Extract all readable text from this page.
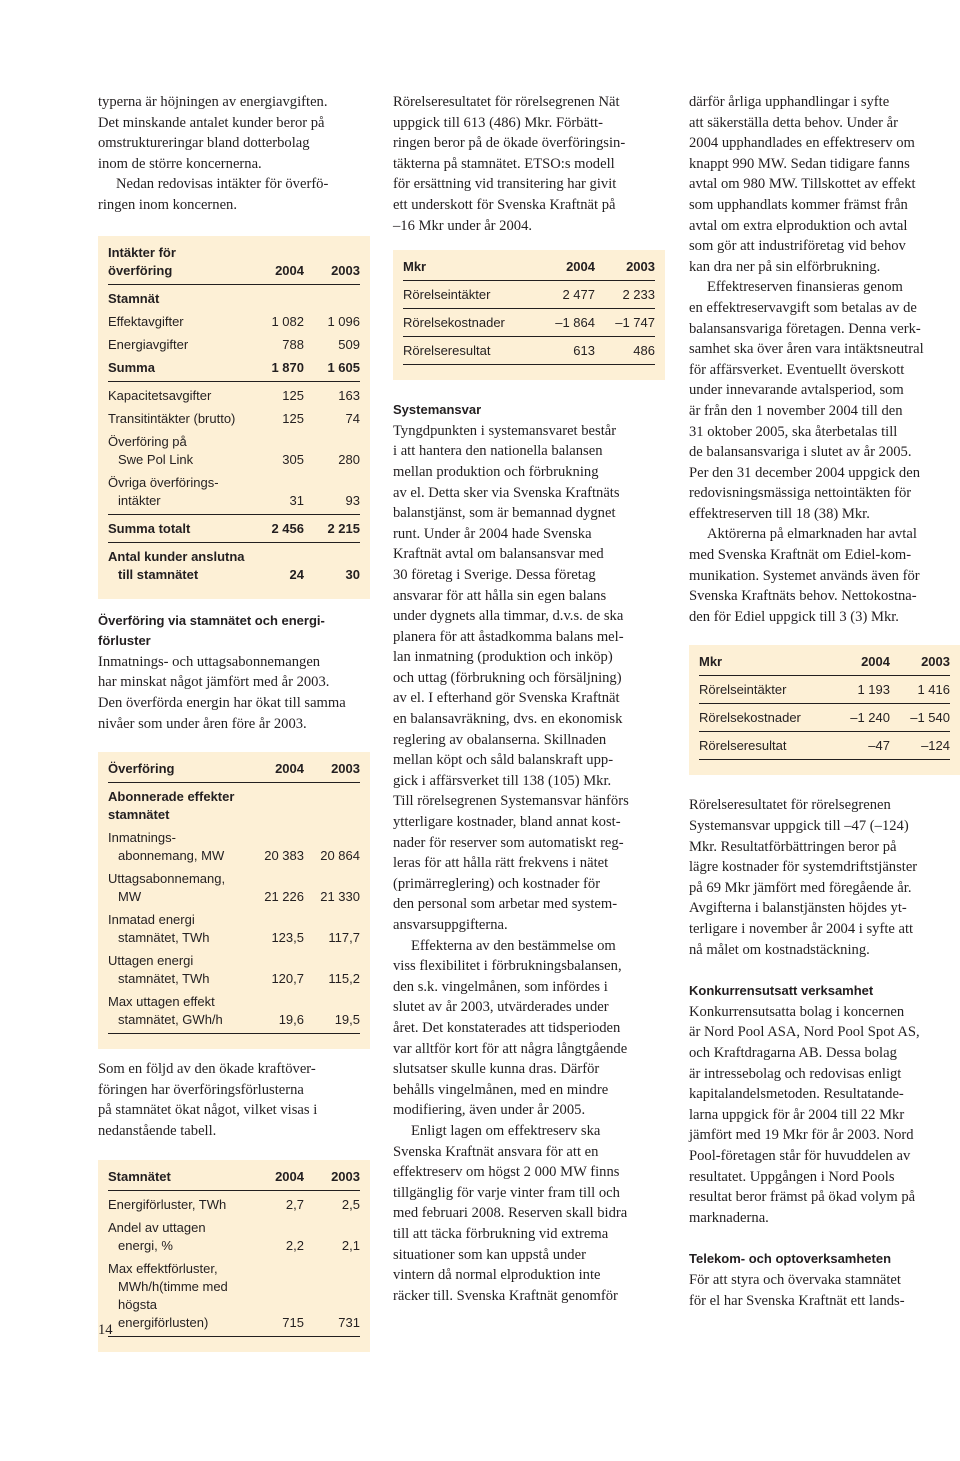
typerna är höjningen av energiavgiften.
Det minskande antalet kunder beror på
omstruktureringar bland dotterbolag
inom de större koncernerna.

Nedan redovisas intäkter för överfö-
ringen inom koncernen.

Intäkter för
överföring	2004	2003
Stamnät
Effektavgifter	1 082	1 096
Energiavgifter	788	509
Summa	1 870	1 605
Kapacitetsavgifter	125	163
Transitintäkter (brutto)	125	74
Överföring på
Swe Pol Link	305	280
Övriga överförings-
intäkter	31	93
Summa totalt	2 456	2 215
Antal kunder anslutna
till stamnätet	24	30

Överföring via stamnätet och energi-
förluster

Inmatnings- och uttagsabonnemangen
har minskat något jämfört med år 2003.
Den överförda energin har ökat till samma
nivåer som under åren före år 2003.

Överföring	2004	2003
Abonnerade effekter
stamnätet
Inmatnings-
abonnemang, MW	20 383	20 864
Uttagsabonnemang,
MW	21 226	21 330
Inmatad energi
stamnätet, TWh	123,5	117,7
Uttagen energi
stamnätet, TWh	120,7	115,2
Max uttagen effekt
stamnätet, GWh/h	19,6	19,5

Som en följd av den ökade kraftöver-
föringen har överföringsförlusterna
på stamnätet ökat något, vilket visas i
nedanstående tabell.

Stamnätet	2004	2003
Energiförluster, TWh	2,7	2,5
Andel av uttagen
energi, %	2,2	2,1
Max effektförluster,
MWh/h(timme med
högsta energiförlusten)	715	731

Rörelseresultatet för rörelsegrenen Nät
uppgick till 613 (486) Mkr. Förbätt-
ringen beror på de ökade överföringsin-
täkterna på stamnätet. ETSO:s modell
för ersättning vid transitering har givit
ett underskott för Svenska Kraftnät på
–16 Mkr under år 2004.

Mkr	2004	2003
Rörelseintäkter	2 477	2 233
Rörelsekostnader	–1 864	–1 747
Rörelseresultat	613	486

Systemansvar

Tyngdpunkten i systemansvaret består
i att hantera den nationella balansen
mellan produktion och förbrukning
av el. Detta sker via Svenska Kraftnäts
balanstjänst, som är bemannad dygnet
runt. Under år 2004 hade Svenska
Kraftnät avtal om balansansvar med
30 företag i Sverige. Dessa företag
ansvarar för att hålla sin egen balans
under dygnets alla timmar, d.v.s. de ska
planera för att åstadkomma balans mel-
lan inmatning (produktion och inköp)
och uttag (förbrukning och försäljning)
av el. I efterhand gör Svenska Kraftnät
en balansavräkning, dvs. en ekonomisk
reglering av obalanserna. Skillnaden
mellan köpt och såld balanskraft upp-
gick i affärsverket till 138 (105) Mkr.
Till rörelsegrenen Systemansvar hänförs
ytterligare kostnader, bland annat kost-
nader för reserver som automatiskt reg-
leras för att hålla rätt frekvens i nätet
(primärreglering) och kostnader för
den personal som arbetar med system-
ansvarsuppgifterna.

Effekterna av den bestämmelse om
viss flexibilitet i förbrukningsbalansen,
den s.k. vingelmånen, som infördes i
slutet av år 2003, utvärderades under
året. Det konstaterades att tidsperioden
var alltför kort för att några långtgående
slutsatser skulle kunna dras. Därför
behålls vingelmånen, med en mindre
modifiering, även under år 2005.

Enligt lagen om effektreserv ska
Svenska Kraftnät ansvara för att en
effektreserv om högst 2 000 MW finns
tillgänglig för varje vinter fram till och
med februari 2008. Reserven skall bidra
till att täcka förbrukning vid extrema
situationer som kan uppstå under
vintern då normal elproduktion inte
räcker till. Svenska Kraftnät genomför

därför årliga upphandlingar i syfte
att säkerställa detta behov. Under år
2004 upphandlades en effektreserv om
knappt 990 MW. Sedan tidigare fanns
avtal om 980 MW. Tillskottet av effekt
som upphandlats kommer främst från
avtal om extra elproduktion och avtal
som gör att industriföretag vid behov
kan dra ner på sin elförbrukning.

Effektreserven finansieras genom
en effektreservavgift som betalas av de
balansansvariga företagen. Denna verk-
samhet ska över åren vara intäktsneutral
för affärsverket. Eventuellt överskott
under innevarande avtalsperiod, som
är från den 1 november 2004 till den
31 oktober 2005, ska återbetalas till
de balansansvariga i slutet av år 2005.
Per den 31 december 2004 uppgick den
redovisningsmässiga nettointäkten för
effektreserven till 18 (38) Mkr.

Aktörerna på elmarknaden har avtal
med Svenska Kraftnät om Ediel-kom-
munikation. Systemet används även för
Svenska Kraftnäts behov. Nettokostna-
den för Ediel uppgick till 3 (3) Mkr.

Mkr	2004	2003
Rörelseintäkter	1 193	1 416
Rörelsekostnader	–1 240	–1 540
Rörelseresultat	–47	–124

Rörelseresultatet för rörelsegrenen
Systemansvar uppgick till –47 (–124)
Mkr. Resultatförbättringen beror på
lägre kostnader för systemdriftstjänster
på 69 Mkr jämfört med föregående år.
Avgifterna i balanstjänsten höjdes yt-
terligare i november år 2004 i syfte att
nå målet om kostnadstäckning.

Konkurrensutsatt verksamhet

Konkurrensutsatta bolag i koncernen
är Nord Pool ASA, Nord Pool Spot AS,
och Kraftdragarna AB. Dessa bolag
är intressebolag och redovisas enligt
kapitalandelsmetoden. Resultatande-
larna uppgick för år 2004 till 22 Mkr
jämfört med 19 Mkr för år 2003. Nord
Pool-företagen står för huvuddelen av
resultatet. Uppgången i Nord Pools
resultat beror främst på ökad volym på
marknaderna.

Telekom- och optoverksamheten

För att styra och övervaka stamnätet
för el har Svenska Kraftnät ett lands-

14
